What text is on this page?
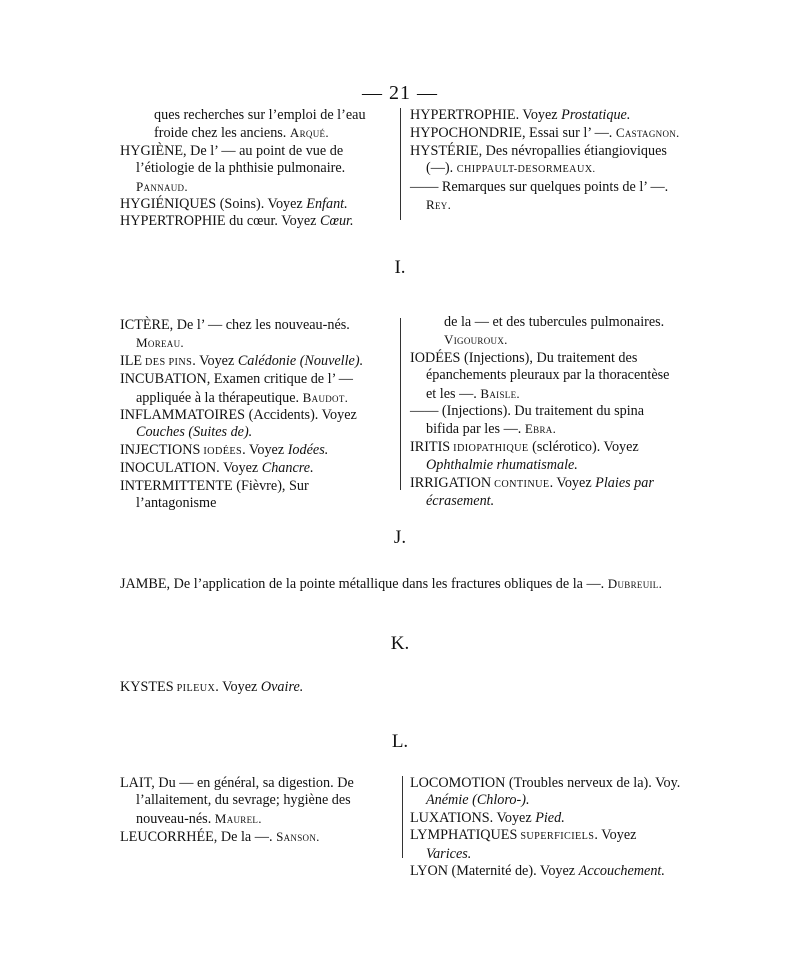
— 21 —

ques recherches sur l’emploi de l’eau froide chez les anciens. Arqué.

HYGIÈNE, De l’ — au point de vue de l’étiologie de la phthisie pulmonaire. Pannaud.

HYGIÉNIQUES (Soins). Voyez Enfant.

HYPERTROPHIE du cœur. Voyez Cœur.

HYPERTROPHIE. Voyez Prostatique.

HYPOCHONDRIE, Essai sur l’ —. Castagnon.

HYSTÉRIE, Des névropallies étiangioviques (—). CHIPPAULT-DESORMEAUX.

—— Remarques sur quelques points de l’ —. Rey.

I.

ICTÈRE, De l’ — chez les nouveau-nés. Moreau.

ILE DES PINS. Voyez Calédonie (Nouvelle).

INCUBATION, Examen critique de l’ — appliquée à la thérapeutique. Baudot.

INFLAMMATOIRES (Accidents). Voyez Couches (Suites de).

INJECTIONS IODÉES. Voyez Iodées.

INOCULATION. Voyez Chancre.

INTERMITTENTE (Fièvre), Sur l’antagonisme

de la — et des tubercules pulmonaires. Vigouroux.

IODÉES (Injections), Du traitement des épanchements pleuraux par la thoracentèse et les —. Baisle.

—— (Injections). Du traitement du spina bifida par les —. Ebra.

IRITIS IDIOPATHIQUE (sclérotico). Voyez Ophthalmie rhumatismale.

IRRIGATION CONTINUE. Voyez Plaies par écrasement.

J.
JAMBE, De l’application de la pointe métallique dans les fractures obliques de la —. Dubreuil.
K.
KYSTES PILEUX. Voyez Ovaire.
L.

LAIT, Du — en général, sa digestion. De l’allaitement, du sevrage; hygiène des nouveau-nés. Maurel.

LEUCORRHÉE, De la —. Sanson.

LOCOMOTION (Troubles nerveux de la). Voy. Anémie (Chloro-).

LUXATIONS. Voyez Pied.

LYMPHATIQUES SUPERFICIELS. Voyez Varices.

LYON (Maternité de). Voyez Accouchement.
